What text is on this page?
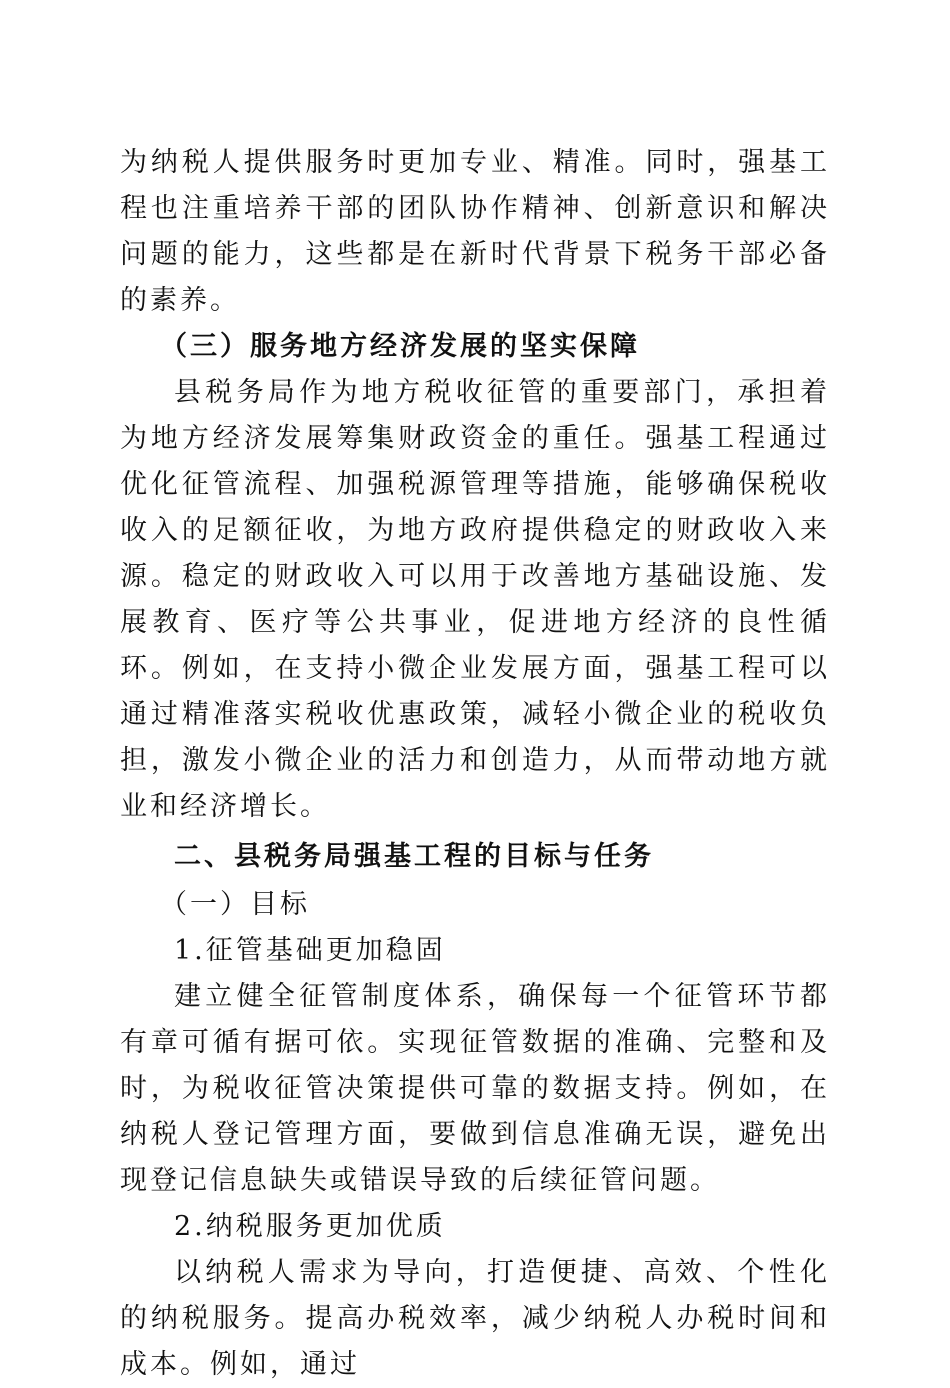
为纳税人提供服务时更加专业、精准。同时，强基工程也注重培养干部的团队协作精神、创新意识和解决问题的能力，这些都是在新时代背景下税务干部必备的素养。

（三）服务地方经济发展的坚实保障

县税务局作为地方税收征管的重要部门，承担着为地方经济发展筹集财政资金的重任。强基工程通过优化征管流程、加强税源管理等措施，能够确保税收收入的足额征收，为地方政府提供稳定的财政收入来源。稳定的财政收入可以用于改善地方基础设施、发展教育、医疗等公共事业，促进地方经济的良性循环。例如，在支持小微企业发展方面，强基工程可以通过精准落实税收优惠政策，减轻小微企业的税收负担，激发小微企业的活力和创造力，从而带动地方就业和经济增长。

二、县税务局强基工程的目标与任务

（一）目标

1.征管基础更加稳固

建立健全征管制度体系，确保每一个征管环节都有章可循有据可依。实现征管数据的准确、完整和及时，为税收征管决策提供可靠的数据支持。例如，在纳税人登记管理方面，要做到信息准确无误，避免出现登记信息缺失或错误导致的后续征管问题。

2.纳税服务更加优质

以纳税人需求为导向，打造便捷、高效、个性化的纳税服务。提高办税效率，减少纳税人办税时间和成本。例如，通过
